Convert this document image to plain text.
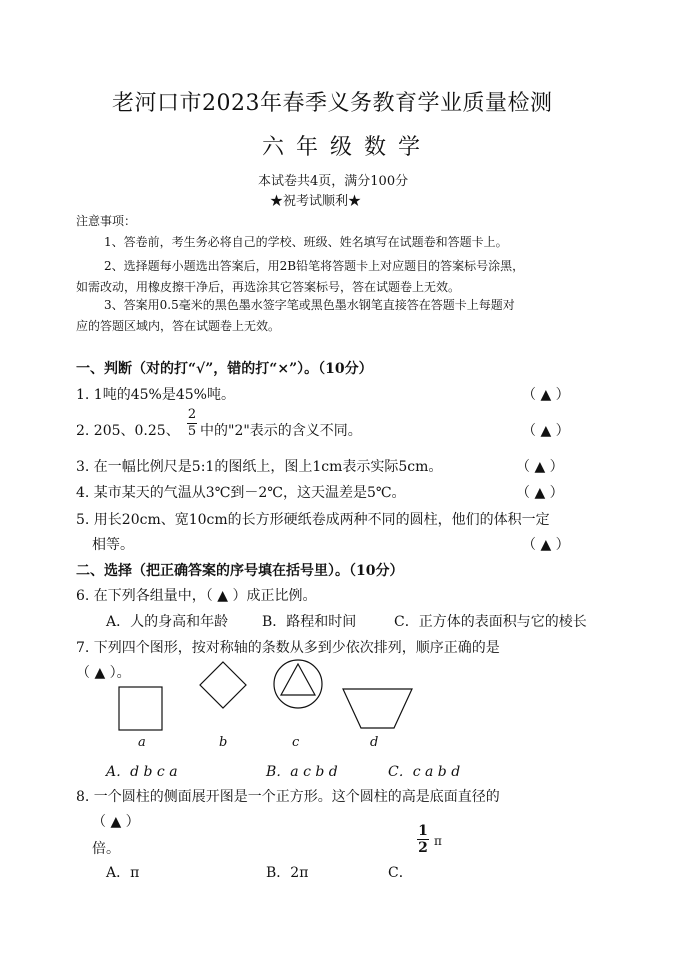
老河口市2023年春季义务教育学业质量检测
六年级数学
本试卷共4页，满分100分
★祝考试顺利★
注意事项：
1、答卷前，考生务必将自己的学校、班级、姓名填写在试题卷和答题卡上。
2、选择题每小题选出答案后，用2B铅笔将答题卡上对应题目的答案标号涂黑，
如需改动，用橡皮擦干净后，再选涂其它答案标号，答在试题卷上无效。
3、答案用0.5毫米的黑色墨水签字笔或黑色墨水钢笔直接答在答题卡上每题对
应的答题区域内，答在试题卷上无效。
一、判断（对的打“√”，错的打“×”）。（10分）
1. 1吨的45%是45%吨。	（ ▲ ）
2. 205、0.25、
2
5 中的"2"表示的含义不同。	（ ▲ ）
3. 在一幅比例尺是5:1的图纸上，图上1cm表示实际5cm。	（ ▲ ）
4. 某市某天的气温从3℃到－2℃，这天温差是5℃。	（ ▲ ）
5. 用长20cm、宽10cm的长方形硬纸卷成两种不同的圆柱，他们的体积一定
相等。	（ ▲ ）
二、选择（把正确答案的序号填在括号里）。（10分）
6. 在下列各组量中，（ ▲ ）成正比例。
A．人的身高和年龄 B．路程和时间	C．正方体的表面积与它的棱长
7. 下列四个图形，按对称轴的条数从多到少依次排列，顺序正确的是
（ ▲ ）。
a	b	c	d
A．d b c a	B．a c b d	C．c a b d
8. 一个圆柱的侧面展开图是一个正方形。这个圆柱的高是底面直径的
（ ▲ ）
倍。
1
2 π
A．π	B．2π	C．
